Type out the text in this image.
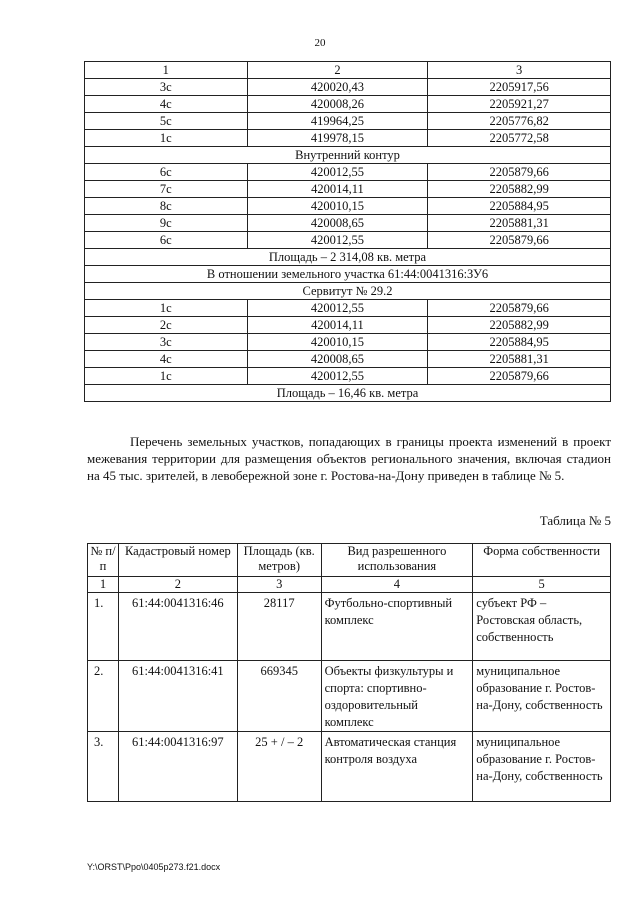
20
1	2	3
3с	420020,43	2205917,56
4с	420008,26	2205921,27
5с	419964,25	2205776,82
1с	419978,15	2205772,58
Внутренний контур		
6с	420012,55	2205879,66
7с	420014,11	2205882,99
8с	420010,15	2205884,95
9с	420008,65	2205881,31
6с	420012,55	2205879,66
Площадь – 2 314,08 кв. метра		
В отношении земельного участка 61:44:0041316:ЗУ6		
Сервитут № 29.2		
1с	420012,55	2205879,66
2с	420014,11	2205882,99
3с	420010,15	2205884,95
4с	420008,65	2205881,31
1с	420012,55	2205879,66
Площадь – 16,46 кв. метра		

Перечень земельных участков, попадающих в границы проекта изменений в проект межевания территории для размещения объектов регионального значения, включая стадион на 45 тыс. зрителей, в левобережной зоне г. Ростова-на-Дону приведен в таблице № 5.

Таблица № 5
№ п/п	Кадастровый номер	Площадь (кв. метров)	Вид разрешенного использования	Форма собственности
1	2	3	4	5
1.	61:44:0041316:46	28117	Футбольно-спортивный комплекс	субъект РФ – Ростовская область, собственность
2.	61:44:0041316:41	669345	Объекты физкультуры и спорта: спортивно-оздоровительный комплекс	муниципальное образование г. Ростов-на-Дону, собственность
3.	61:44:0041316:97	25 + / – 2	Автоматическая станция контроля воздуха	муниципальное образование г. Ростов-на-Дону, собственность
Y:\ORST\Ppo\0405p273.f21.docx
